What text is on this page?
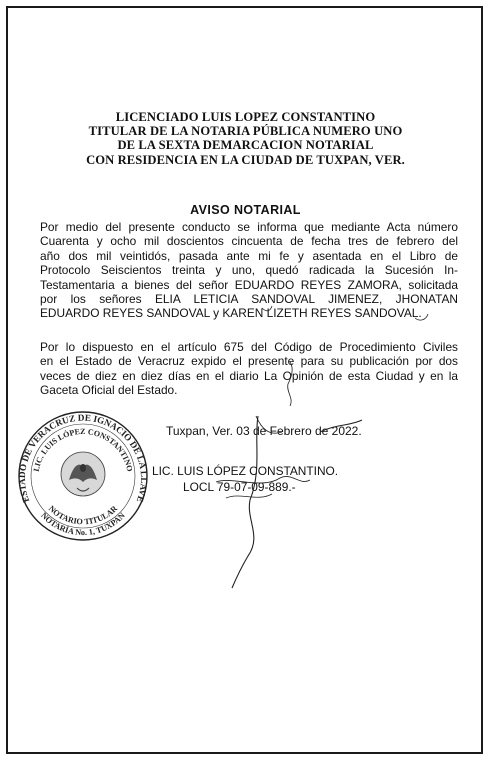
LICENCIADO LUIS LOPEZ CONSTANTINO
TITULAR DE LA NOTARIA PÚBLICA NUMERO UNO
DE LA SEXTA DEMARCACION NOTARIAL
CON RESIDENCIA EN LA CIUDAD DE TUXPAN, VER.
AVISO NOTARIAL
Por medio del presente conducto se informa que mediante Acta número
Cuarenta y ocho mil doscientos cincuenta de fecha tres de febrero del
año dos mil veintidós, pasada ante mi fe y asentada en el Libro de
Protocolo Seiscientos treinta y uno, quedó radicada la Sucesión In-
Testamentaria a bienes del señor EDUARDO REYES ZAMORA, solicitada
por los señores ELIA LETICIA SANDOVAL JIMENEZ, JHONATAN
EDUARDO REYES SANDOVAL y KAREN LIZETH REYES SANDOVAL.
Por lo dispuesto en el artículo 675 del Código de Procedimiento Civiles
en el Estado de Veracruz expido el presente para su publicación por dos
veces de diez en diez días en el diario La Opinión de esta Ciudad y en la
Gaceta Oficial del Estado.
Tuxpan, Ver. 03 de Febrero de 2022.
LIC. LUIS LÓPEZ CONSTANTINO.
LOCL 79-07-09-889.-
ESTADO DE VERACRUZ DE IGNACIO DE LA LLAVE
LIC. LUIS LÓPEZ CONSTANTINO
NOTARIO TITULAR
NOTARÍA No. 1, TUXPAN
